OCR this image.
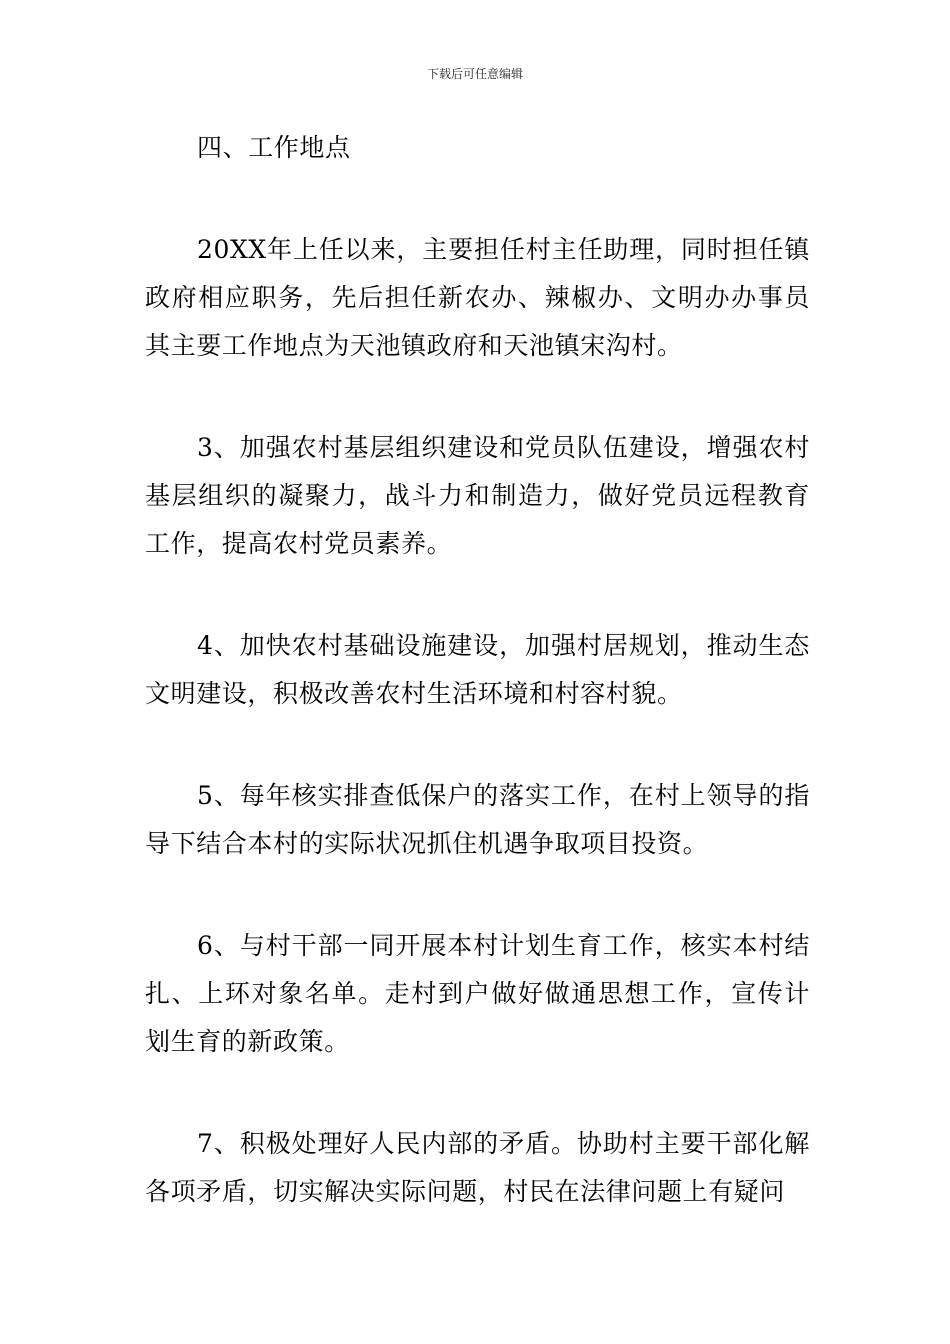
下载后可任意编辑

四、工作地点

20XX年上任以来，主要担任村主任助理，同时担任镇政府相应职务，先后担任新农办、辣椒办、文明办办事员其主要工作地点为天池镇政府和天池镇宋沟村。

3、加强农村基层组织建设和党员队伍建设，增强农村基层组织的凝聚力，战斗力和制造力，做好党员远程教育工作，提高农村党员素养。

4、加快农村基础设施建设，加强村居规划，推动生态文明建设，积极改善农村生活环境和村容村貌。

5、每年核实排查低保户的落实工作，在村上领导的指导下结合本村的实际状况抓住机遇争取项目投资。

6、与村干部一同开展本村计划生育工作，核实本村结扎、上环对象名单。走村到户做好做通思想工作，宣传计划生育的新政策。

7、积极处理好人民内部的矛盾。协助村主要干部化解各项矛盾，切实解决实际问题，村民在法律问题上有疑问
